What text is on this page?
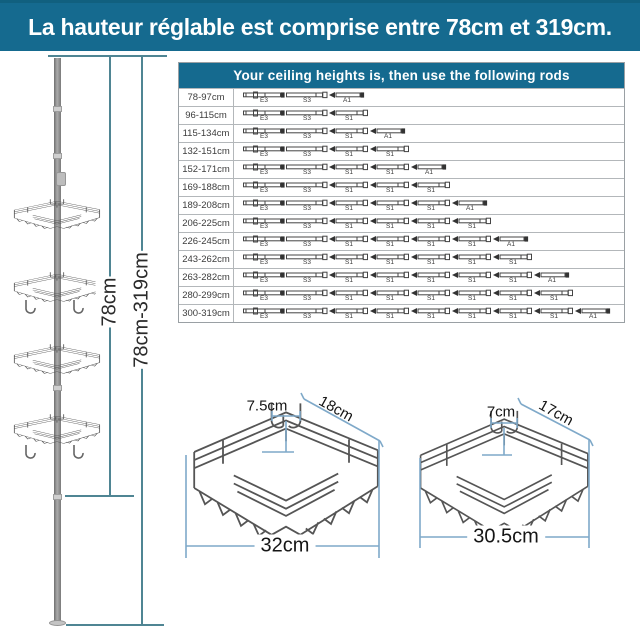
La hauteur réglable est comprise entre 78cm et 319cm.
78cm 78cm-319cm
Your ceiling heights is, then use the following rods
78-97cm	E3	S3	A1
96-115cm	E3	S3	S1
115-134cm	E3	S3	S1	A1
132-151cm	E3	S3	S1	S1
152-171cm	E3	S3	S1	S1	A1
169-188cm	E3	S3	S1	S1	S1
189-208cm	E3	S3	S1	S1	S1	A1
206-225cm	E3	S3	S1	S1	S1	S1
226-245cm	E3	S3	S1	S1	S1	S1	A1
243-262cm	E3	S3	S1	S1	S1	S1	S1
263-282cm	E3	S3	S1	S1	S1	S1	S1	A1
280-299cm	E3	S3	S1	S1	S1	S1	S1	S1
300-319cm	E3	S3	S1	S1	S1	S1	S1	S1	A1
7.5cm 18cm
32cm
7cm 17cm
30.5cm
